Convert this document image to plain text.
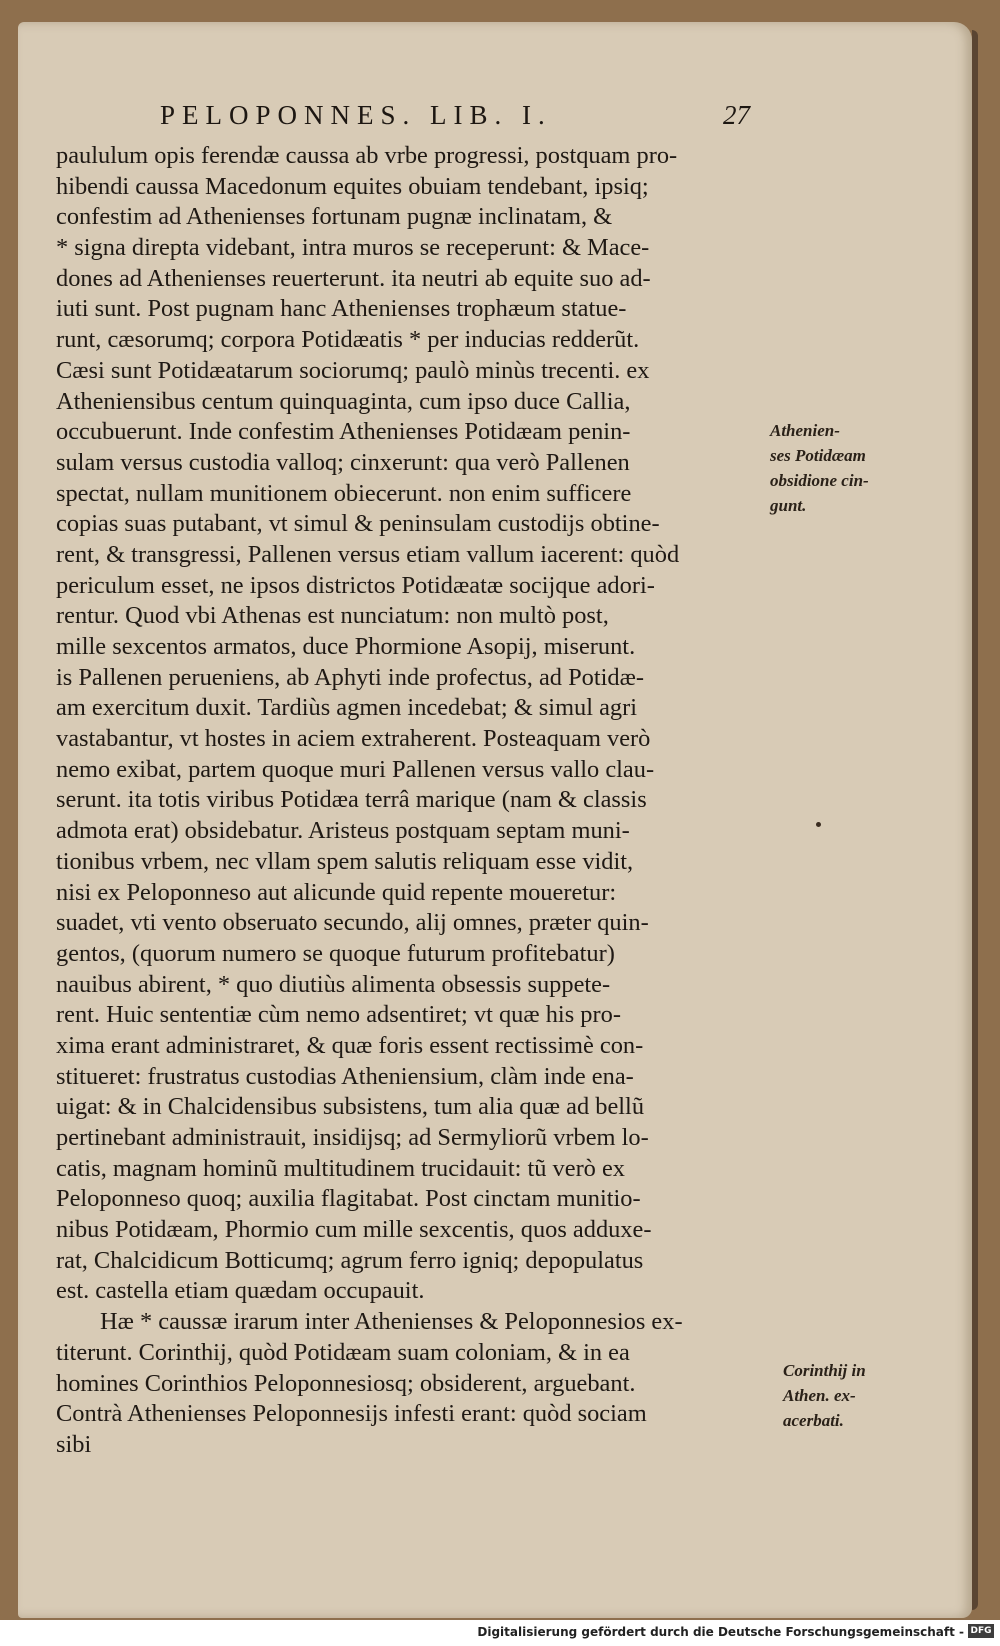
PELOPONNES. LIB. I.	27
paululum opis ferendæ caussa ab vrbe progressi, postquam pro-
hibendi caussa Macedonum equites obuiam tendebant, ipsiq;
confestim ad Athenienses fortunam pugnæ inclinatam, &
* signa direpta videbant, intra muros se receperunt: & Mace-
dones ad Athenienses reuerterunt. ita neutri ab equite suo ad-
iuti sunt. Post pugnam hanc Athenienses trophæum statue-
runt, cæsorumq; corpora Potidæatis * per inducias redderũt.
Cæsi sunt Potidæatarum sociorumq; paulò minùs trecenti. ex
Atheniensibus centum quinquaginta, cum ipso duce Callia,
occubuerunt. Inde confestim Athenienses Potidæam penin-
sulam versus custodia valloq; cinxerunt: qua verò Pallenen
spectat, nullam munitionem obiecerunt. non enim sufficere
copias suas putabant, vt simul & peninsulam custodijs obtine-
rent, & transgressi, Pallenen versus etiam vallum iacerent: quòd
periculum esset, ne ipsos districtos Potidæatæ socijque adori-
rentur. Quod vbi Athenas est nunciatum: non multò post,
mille sexcentos armatos, duce Phormione Asopij, miserunt.
is Pallenen perueniens, ab Aphyti inde profectus, ad Potidæ-
am exercitum duxit. Tardiùs agmen incedebat; & simul agri
vastabantur, vt hostes in aciem extraherent. Posteaquam verò
nemo exibat, partem quoque muri Pallenen versus vallo clau-
serunt. ita totis viribus Potidæa terrâ marique (nam & classis
admota erat) obsidebatur. Aristeus postquam septam muni-
tionibus vrbem, nec vllam spem salutis reliquam esse vidit,
nisi ex Peloponneso aut alicunde quid repente moueretur:
suadet, vti vento obseruato secundo, alij omnes, præter quin-
gentos, (quorum numero se quoque futurum profitebatur)
nauibus abirent, * quo diutiùs alimenta obsessis suppete-
rent. Huic sententiæ cùm nemo adsentiret; vt quæ his pro-
xima erant administraret, & quæ foris essent rectissimè con-
stitueret: frustratus custodias Atheniensium, clàm inde ena-
uigat: & in Chalcidensibus subsistens, tum alia quæ ad bellũ
pertinebant administrauit, insidijsq; ad Sermyliorũ vrbem lo-
catis, magnam hominũ multitudinem trucidauit: tũ verò ex
Peloponneso quoq; auxilia flagitabat. Post cinctam munitio-
nibus Potidæam, Phormio cum mille sexcentis, quos adduxe-
rat, Chalcidicum Botticumq; agrum ferro igniq; depopulatus
est. castella etiam quædam occupauit.
Hæ * caussæ irarum inter Athenienses & Peloponnesios ex-
titerunt. Corinthij, quòd Potidæam suam coloniam, & in ea
homines Corinthios Peloponnesiosq; obsiderent, arguebant.
Contrà Athenienses Peloponnesijs infesti erant: quòd sociam
sibi
Athenien-
ses Potidæam
obsidione cin-
gunt.
Corinthij in
Athen. ex-
acerbati.
Digitalisierung gefördert durch die Deutsche Forschungsgemeinschaft - DFG
